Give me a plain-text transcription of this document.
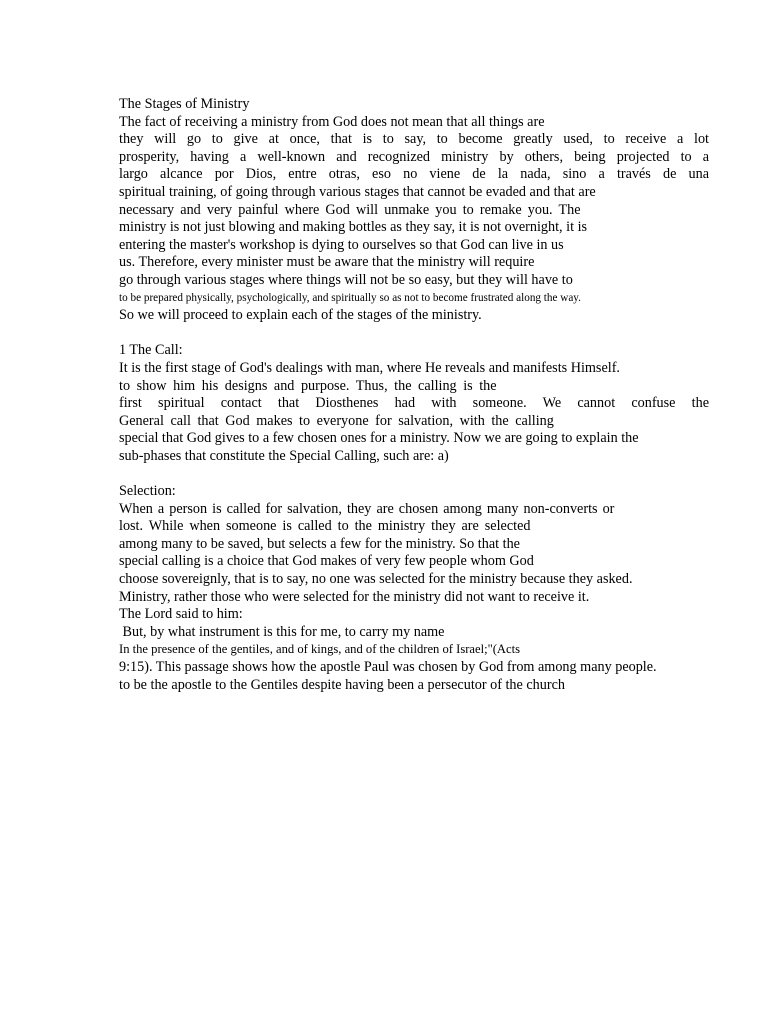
The Stages of Ministry
The fact of receiving a ministry from God does not mean that all things are
they will go to give at once, that is to say, to become greatly used, to receive a lot
prosperity, having a well-known and recognized ministry by others, being projected to a
largo alcance por Dios, entre otras, eso no viene de la nada, sino a través de una
spiritual training, of going through various stages that cannot be evaded and that are
necessary and very painful where God will unmake you to remake you. The
ministry is not just blowing and making bottles as they say, it is not overnight, it is
entering the master's workshop is dying to ourselves so that God can live in us
us. Therefore, every minister must be aware that the ministry will require
go through various stages where things will not be so easy, but they will have to
to be prepared physically, psychologically, and spiritually so as not to become frustrated along the way.
So we will proceed to explain each of the stages of the ministry.
1 The Call:
It is the first stage of God's dealings with man, where He reveals and manifests Himself.
to show him his designs and purpose. Thus, the calling is the
first spiritual contact that Diosthenes had with someone. We cannot confuse the
General call that God makes to everyone for salvation, with the calling
special that God gives to a few chosen ones for a ministry. Now we are going to explain the
sub-phases that constitute the Special Calling, such are: a)
Selection:
When a person is called for salvation, they are chosen among many non-converts or
lost. While when someone is called to the ministry they are selected
among many to be saved, but selects a few for the ministry. So that the
special calling is a choice that God makes of very few people whom God
choose sovereignly, that is to say, no one was selected for the ministry because they asked.
Ministry, rather those who were selected for the ministry did not want to receive it.
The Lord said to him:
But, by what instrument is this for me, to carry my name
In the presence of the gentiles, and of kings, and of the children of Israel;"(Acts
9:15). This passage shows how the apostle Paul was chosen by God from among many people.
to be the apostle to the Gentiles despite having been a persecutor of the church
